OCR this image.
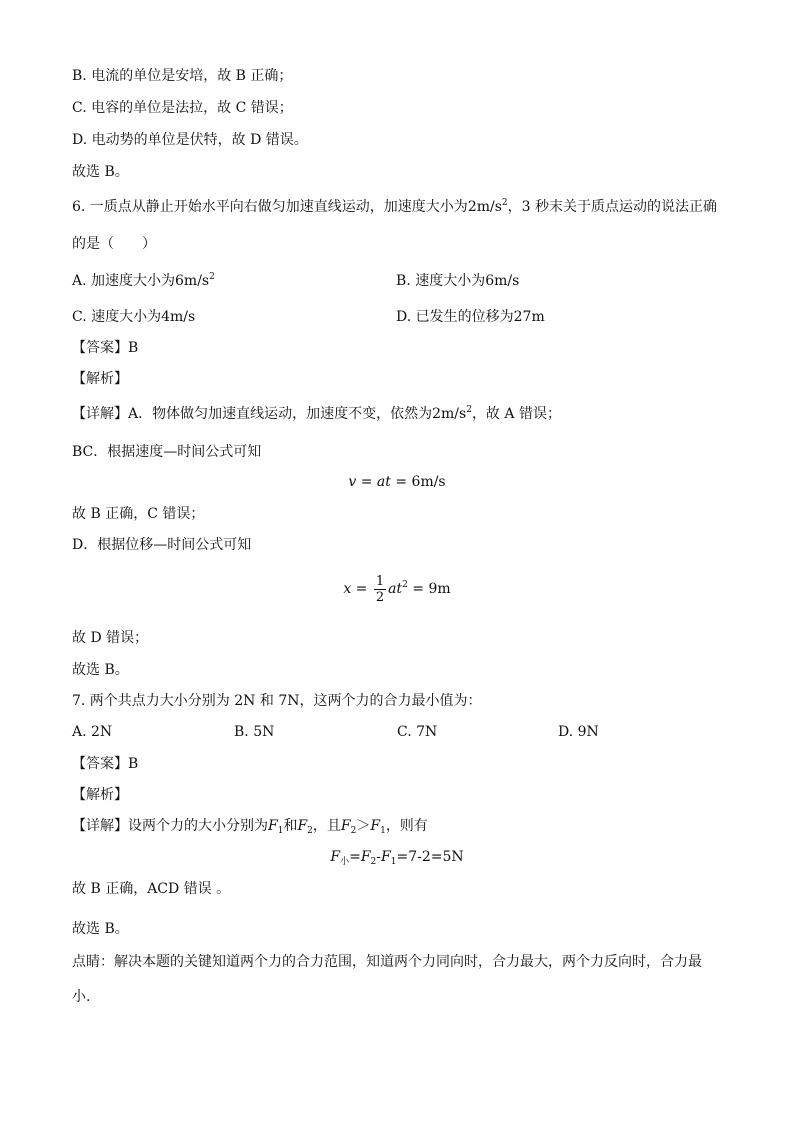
B. 电流的单位是安培，故 B 正确；
C. 电容的单位是法拉，故 C 错误；
D. 电动势的单位是伏特，故 D 错误。
故选 B。
6. 一质点从静止开始水平向右做匀加速直线运动，加速度大小为$2m/s^2$，3 秒末关于质点运动的说法正确
的是（　　）
A. 加速度大小为$6m/s^2$	B. 速度大小为6m/s
C. 速度大小为4m/s	D. 已发生的位移为27m
【答案】B
【解析】
【详解】A．物体做匀加速直线运动，加速度不变，依然为$2m/s^2$，故 A 错误；
BC．根据速度—时间公式可知
v = at = 6m/s
故 B 正确，C 错误；
D．根据位移—时间公式可知
$x = \frac{1}{2} at^2 = 9m$
故 D 错误；
故选 B。
7. 两个共点力大小分别为 2N 和 7N，这两个力的合力最小值为：
A. 2N	B. 5N	C. 7N	D. 9N
【答案】B
【解析】
【详解】设两个力的大小分别为$F_1$和$F_2$，且$F_2>F_1$，则有
$F_小=F_2-F_1=7-2=5N$
故 B 正确，ACD 错误 。
故选 B。
点睛：解决本题的关键知道两个力的合力范围，知道两个力同向时，合力最大，两个力反向时，合力最
小.
